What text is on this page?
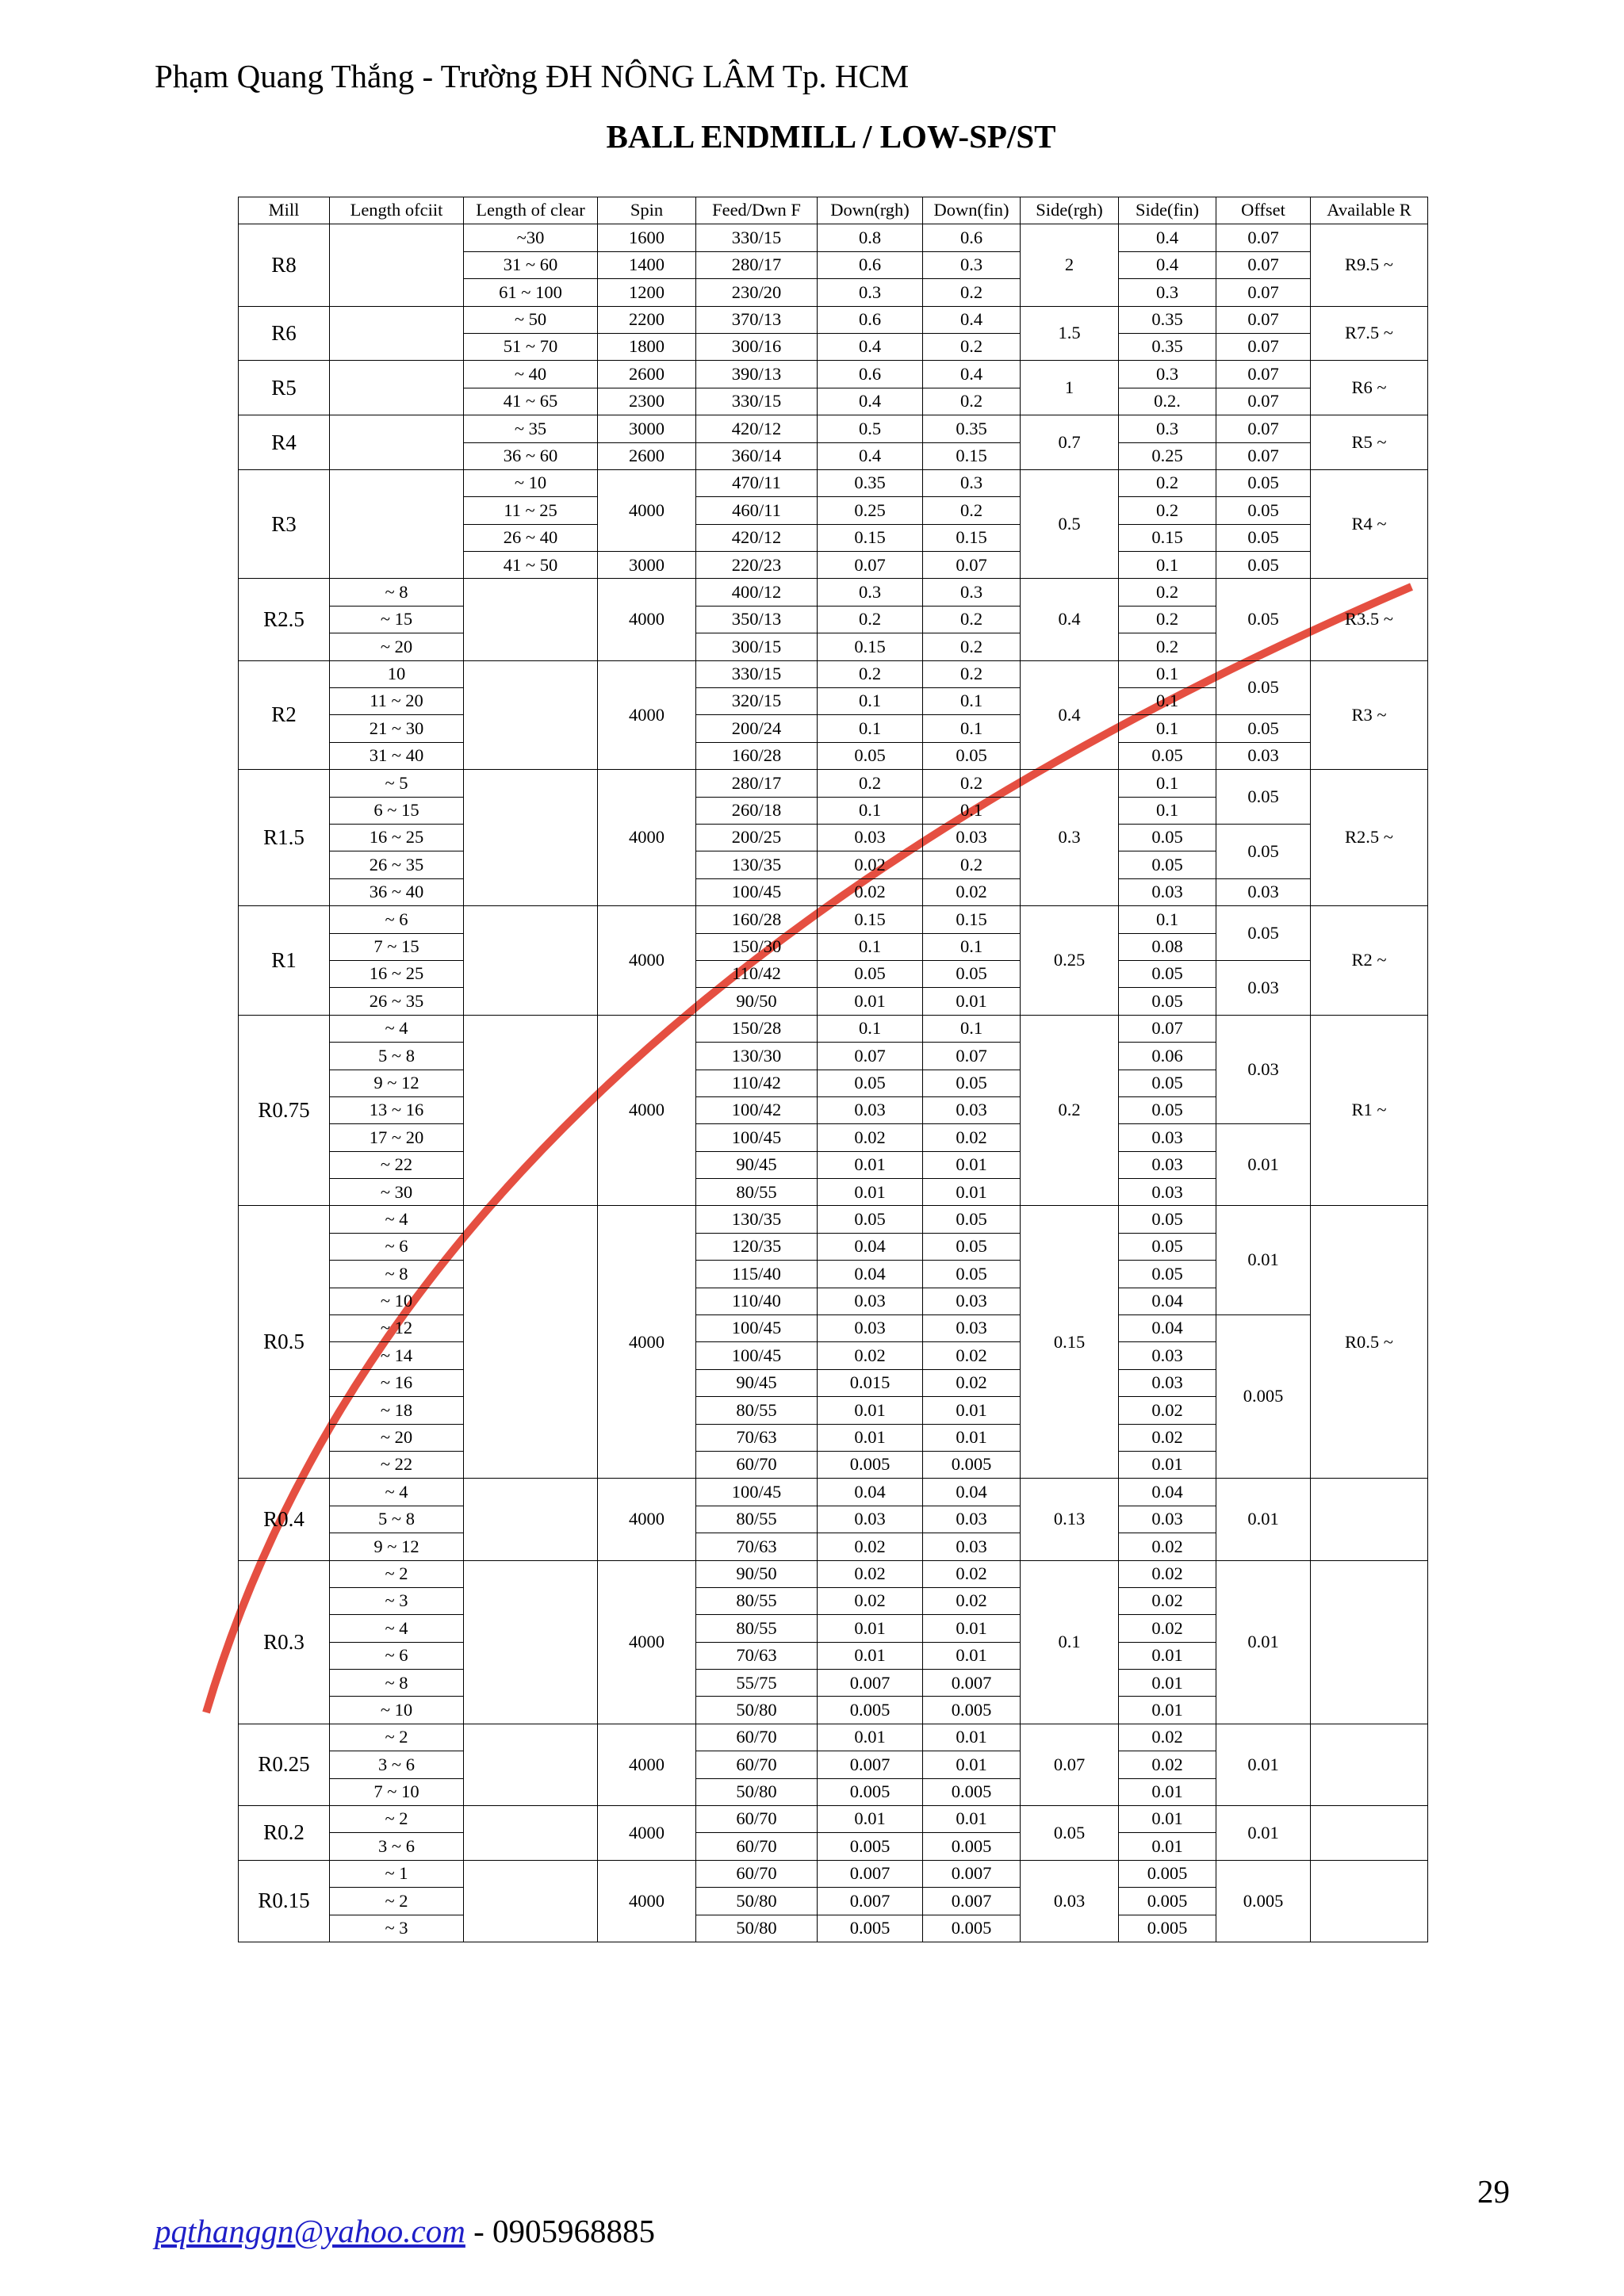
Phạm Quang Thắng - Trường ĐH NÔNG LÂM Tp. HCM
BALL ENDMILL / LOW-SP/ST
Mill	Length ofciit	Length of clear	Spin	Feed/Dwn F	Down(rgh)	Down(fin)	Side(rgh)	Side(fin)	Offset	Available R
R8		~30	1600	330/15	0.8	0.6	2	0.4	0.07	R9.5 ~
		31 ~ 60	1400	280/17	0.6	0.3		0.4	0.07	
		61 ~ 100	1200	230/20	0.3	0.2		0.3	0.07	
R6		~ 50	2200	370/13	0.6	0.4	1.5	0.35	0.07	R7.5 ~
		51 ~ 70	1800	300/16	0.4	0.2		0.35	0.07	
R5		~ 40	2600	390/13	0.6	0.4	1	0.3	0.07	R6 ~
		41 ~ 65	2300	330/15	0.4	0.2		0.2.	0.07	
R4		~ 35	3000	420/12	0.5	0.35	0.7	0.3	0.07	R5 ~
		36 ~ 60	2600	360/14	0.4	0.15		0.25	0.07	
R3		~ 10	4000	470/11	0.35	0.3	0.5	0.2	0.05	R4 ~
		11 ~ 25		460/11	0.25	0.2		0.2	0.05	
		26 ~ 40		420/12	0.15	0.15		0.15	0.05	
		41 ~ 50	3000	220/23	0.07	0.07		0.1	0.05	
R2.5	~ 8		4000	400/12	0.3	0.3	0.4	0.2	0.05	R3.5 ~
	~ 15			350/13	0.2	0.2		0.2		
	~ 20			300/15	0.15	0.2		0.2		
R2	10		4000	330/15	0.2	0.2	0.4	0.1	0.05	R3 ~
	11 ~ 20			320/15	0.1	0.1		0.1		
	21 ~ 30			200/24	0.1	0.1		0.1	0.05	
	31 ~ 40			160/28	0.05	0.05		0.05	0.03	
R1.5	~ 5		4000	280/17	0.2	0.2	0.3	0.1	0.05	R2.5 ~
	6 ~ 15			260/18	0.1	0.1		0.1		
	16 ~ 25			200/25	0.03	0.03		0.05	0.05	
	26 ~ 35			130/35	0.02	0.2		0.05		
	36 ~ 40			100/45	0.02	0.02		0.03	0.03	
R1	~ 6		4000	160/28	0.15	0.15	0.25	0.1	0.05	R2 ~
	7 ~ 15			150/30	0.1	0.1		0.08		
	16 ~ 25			110/42	0.05	0.05		0.05	0.03	
	26 ~ 35			90/50	0.01	0.01		0.05		
R0.75	~ 4		4000	150/28	0.1	0.1	0.2	0.07	0.03	R1 ~
	5 ~ 8			130/30	0.07	0.07		0.06		
	9 ~ 12			110/42	0.05	0.05		0.05		
	13 ~ 16			100/42	0.03	0.03		0.05		
	17 ~ 20			100/45	0.02	0.02		0.03	0.01	
	~ 22			90/45	0.01	0.01		0.03		
	~ 30			80/55	0.01	0.01		0.03		
R0.5	~ 4		4000	130/35	0.05	0.05	0.15	0.05	0.01	R0.5 ~
	~ 6			120/35	0.04	0.05		0.05		
	~ 8			115/40	0.04	0.05		0.05		
	~ 10			110/40	0.03	0.03		0.04		
	~ 12			100/45	0.03	0.03		0.04	0.005	
	~ 14			100/45	0.02	0.02		0.03		
	~ 16			90/45	0.015	0.02		0.03		
	~ 18			80/55	0.01	0.01		0.02		
	~ 20			70/63	0.01	0.01		0.02		
	~ 22			60/70	0.005	0.005		0.01		
R0.4	~ 4		4000	100/45	0.04	0.04	0.13	0.04	0.01	
	5 ~ 8			80/55	0.03	0.03		0.03		
	9 ~ 12			70/63	0.02	0.03		0.02		
R0.3	~ 2		4000	90/50	0.02	0.02	0.1	0.02	0.01	
	~ 3			80/55	0.02	0.02		0.02		
	~ 4			80/55	0.01	0.01		0.02		
	~ 6			70/63	0.01	0.01		0.01		
	~ 8			55/75	0.007	0.007		0.01		
	~ 10			50/80	0.005	0.005		0.01		
R0.25	~ 2		4000	60/70	0.01	0.01	0.07	0.02	0.01	
	3 ~ 6			60/70	0.007	0.01		0.02		
	7 ~ 10			50/80	0.005	0.005		0.01		
R0.2	~ 2		4000	60/70	0.01	0.01	0.05	0.01	0.01	
	3 ~ 6			60/70	0.005	0.005		0.01		
R0.15	~ 1		4000	60/70	0.007	0.007	0.03	0.005	0.005	
	~ 2			50/80	0.007	0.007		0.005		
	~ 3			50/80	0.005	0.005		0.005		
29
pqthanggn@yahoo.com - 0905968885
